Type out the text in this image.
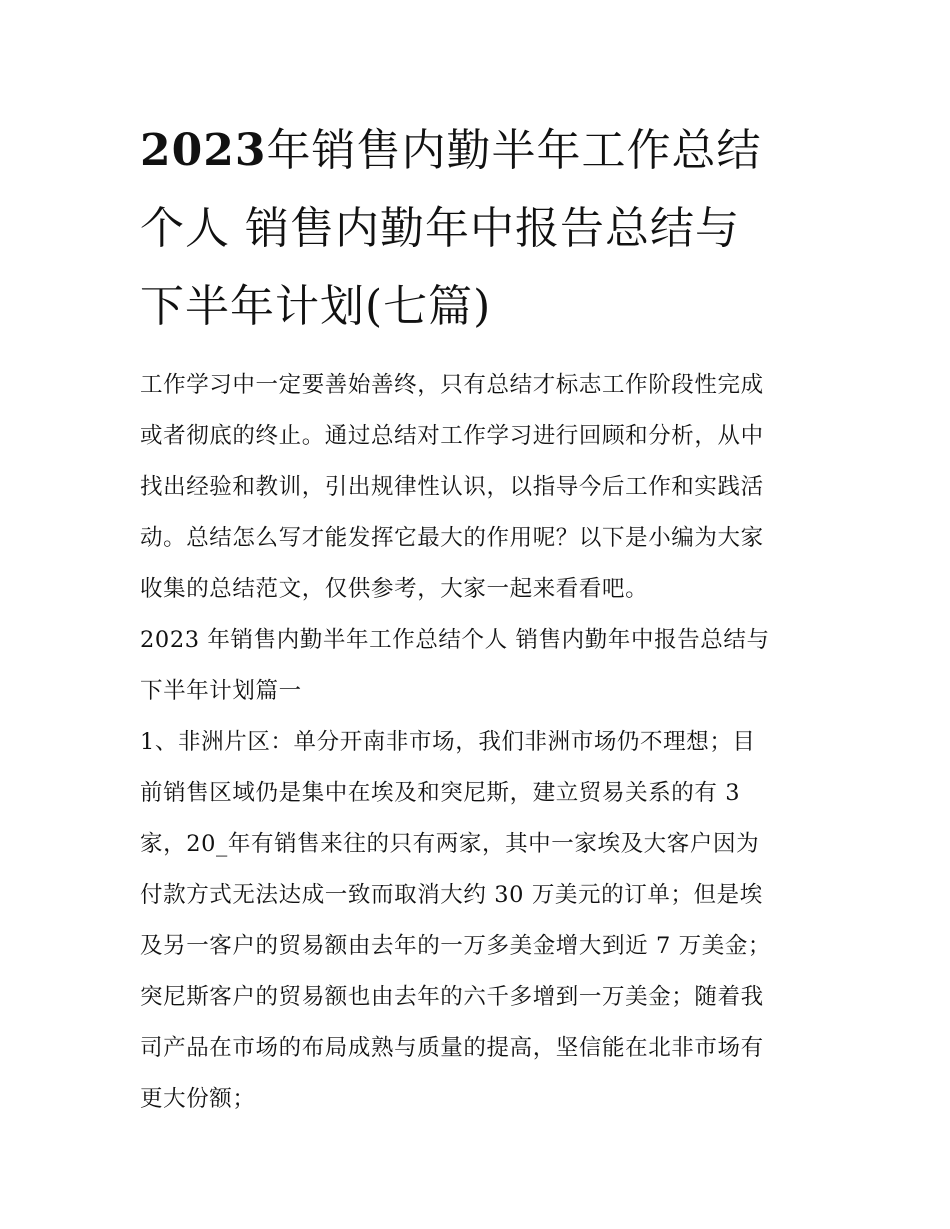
2023年销售内勤半年工作总结
个人 销售内勤年中报告总结与
下半年计划(七篇)

工作学习中一定要善始善终，只有总结才标志工作阶段性完成
或者彻底的终止。通过总结对工作学习进行回顾和分析，从中
找出经验和教训，引出规律性认识，以指导今后工作和实践活
动。总结怎么写才能发挥它最大的作用呢？以下是小编为大家
收集的总结范文，仅供参考，大家一起来看看吧。

2023 年销售内勤半年工作总结个人 销售内勤年中报告总结与
下半年计划篇一

1、非洲片区：单分开南非市场，我们非洲市场仍不理想；目
前销售区域仍是集中在埃及和突尼斯，建立贸易关系的有 3
家，20_年有销售来往的只有两家，其中一家埃及大客户因为
付款方式无法达成一致而取消大约 30 万美元的订单；但是埃
及另一客户的贸易额由去年的一万多美金增大到近 7 万美金；
突尼斯客户的贸易额也由去年的六千多增到一万美金；随着我
司产品在市场的布局成熟与质量的提高，坚信能在北非市场有
更大份额；
